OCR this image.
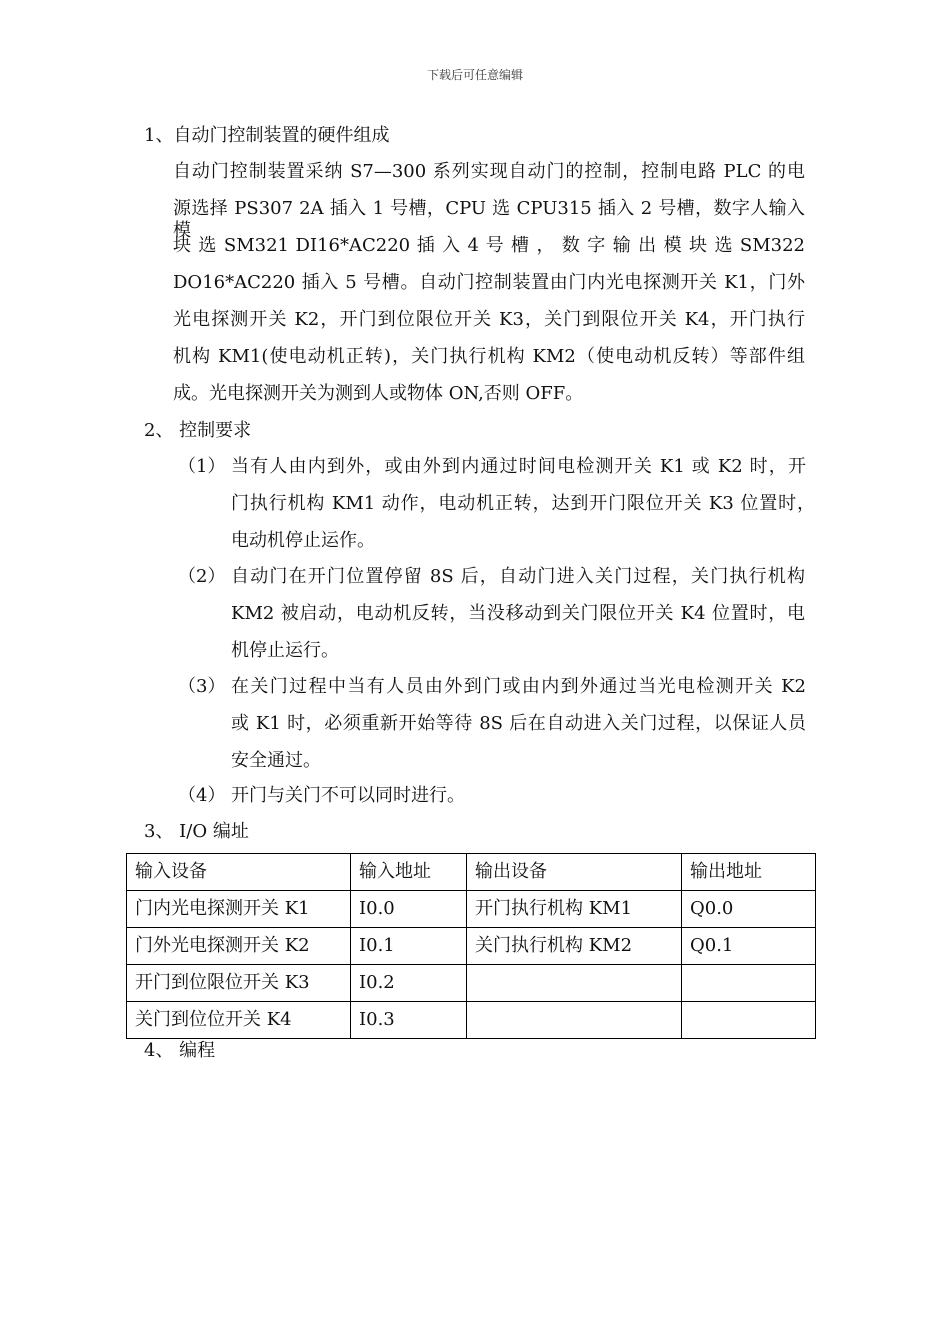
下载后可任意编辑
1、自动门控制装置的硬件组成
自动门控制装置采纳 S7—300 系列实现自动门的控制，控制电路 PLC 的电
源选择 PS307 2A 插入 1 号槽，CPU 选 CPU315 插入 2 号槽，数字人输入模
块 选 SM321 DI16*AC220 插 入 4 号 槽 ， 数 字 输 出 模 块 选 SM322
DO16*AC220 插入 5 号槽。自动门控制装置由门内光电探测开关 K1，门外
光电探测开关 K2，开门到位限位开关 K3，关门到限位开关 K4，开门执行
机构 KM1(使电动机正转)，关门执行机构 KM2（使电动机反转）等部件组
成。光电探测开关为测到人或物体 ON,否则 OFF。
2、 控制要求
（1） 当有人由内到外，或由外到内通过时间电检测开关 K1 或 K2 时，开
门执行机构 KM1 动作，电动机正转，达到开门限位开关 K3 位置时，
电动机停止运作。
（2） 自动门在开门位置停留 8S 后，自动门进入关门过程，关门执行机构
KM2 被启动，电动机反转，当没移动到关门限位开关 K4 位置时，电
机停止运行。
（3） 在关门过程中当有人员由外到门或由内到外通过当光电检测开关 K2
或 K1 时，必须重新开始等待 8S 后在自动进入关门过程，以保证人员
安全通过。
（4） 开门与关门不可以同时进行。
3、 I/O 编址
输入设备	输入地址	输出设备	输出地址
门内光电探测开关 K1	I0.0	开门执行机构 KM1	Q0.0
门外光电探测开关 K2	I0.1	关门执行机构 KM2	Q0.1
开门到位限位开关 K3	I0.2		
关门到位位开关 K4	I0.3		
4、 编程
